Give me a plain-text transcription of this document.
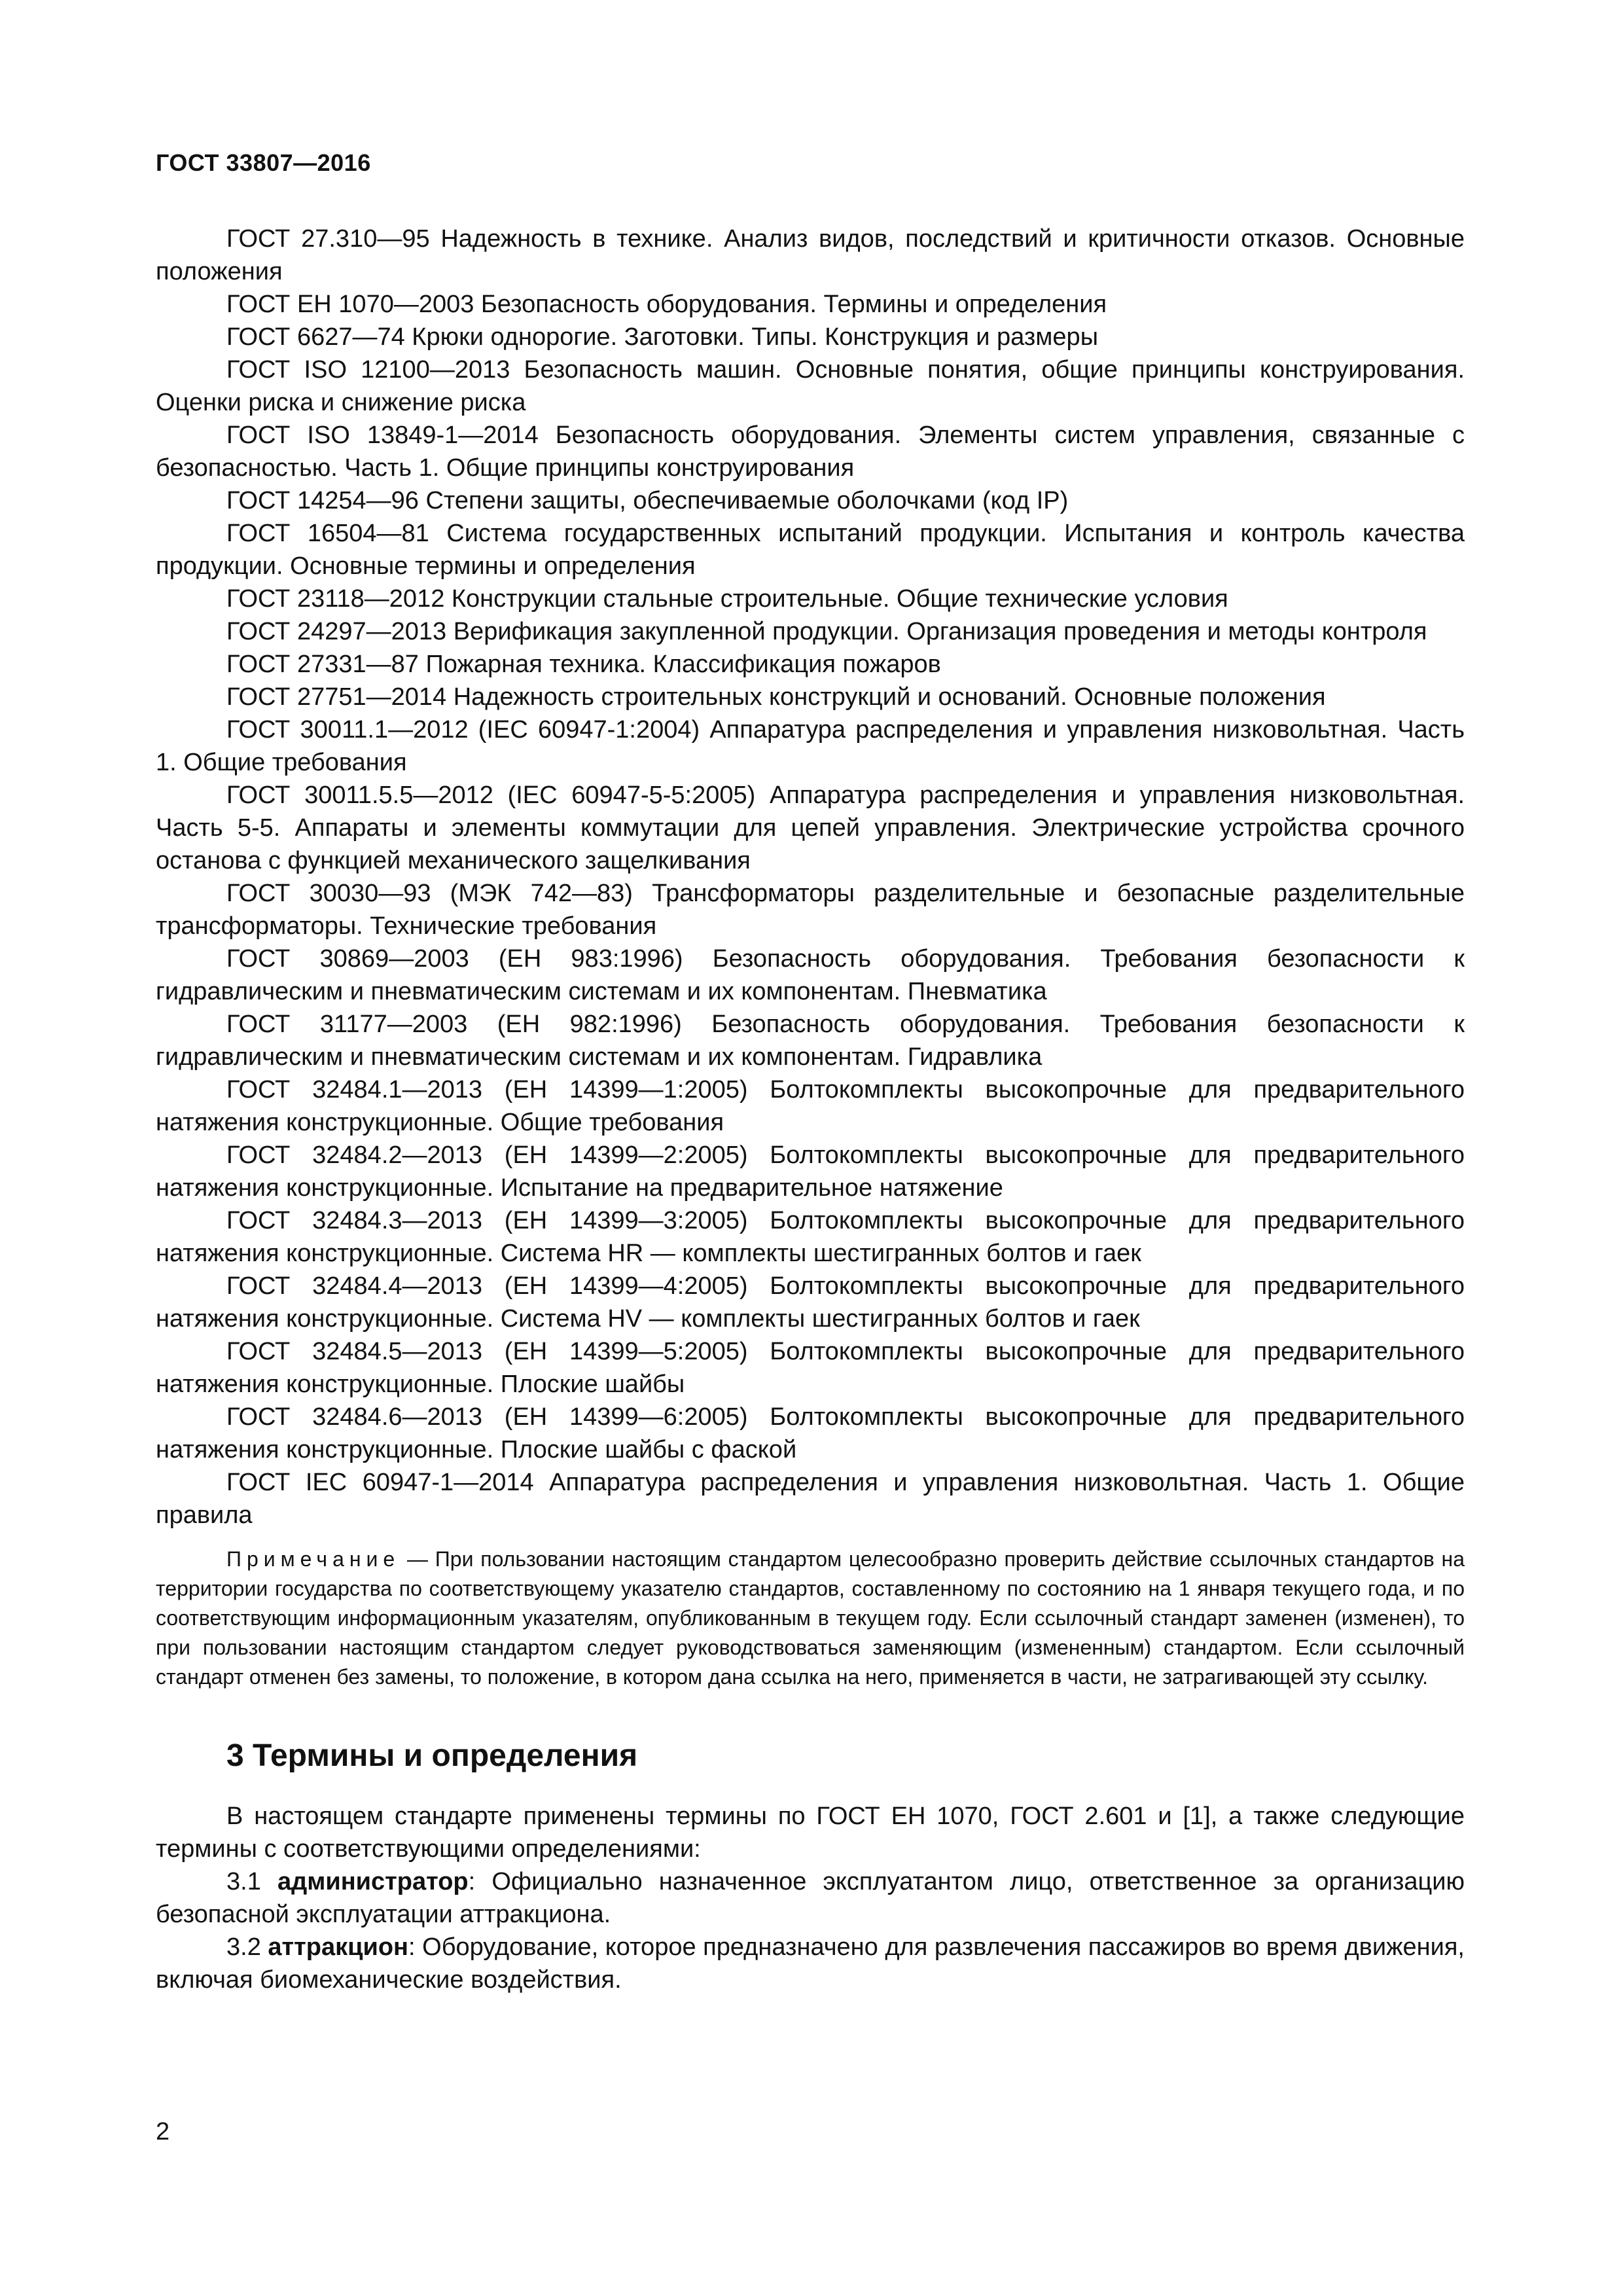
ГОСТ 33807—2016
ГОСТ 27.310—95 Надежность в технике. Анализ видов, последствий и критичности отказов. Основные положения
ГОСТ ЕН 1070—2003 Безопасность оборудования. Термины и определения
ГОСТ 6627—74 Крюки однорогие. Заготовки. Типы. Конструкция и размеры
ГОСТ ISO 12100—2013 Безопасность машин. Основные понятия, общие принципы конструирования. Оценки риска и снижение риска
ГОСТ ISO 13849-1—2014 Безопасность оборудования. Элементы систем управления, связанные с безопасностью. Часть 1. Общие принципы конструирования
ГОСТ 14254—96 Степени защиты, обеспечиваемые оболочками (код IP)
ГОСТ 16504—81 Система государственных испытаний продукции. Испытания и контроль качества продукции. Основные термины и определения
ГОСТ 23118—2012 Конструкции стальные строительные. Общие технические условия
ГОСТ 24297—2013 Верификация закупленной продукции. Организация проведения и методы контроля
ГОСТ 27331—87 Пожарная техника. Классификация пожаров
ГОСТ 27751—2014 Надежность строительных конструкций и оснований. Основные положения
ГОСТ 30011.1—2012 (IEC 60947-1:2004) Аппаратура распределения и управления низковольтная. Часть 1. Общие требования
ГОСТ 30011.5.5—2012 (IEC 60947-5-5:2005) Аппаратура распределения и управления низковольтная. Часть 5-5. Аппараты и элементы коммутации для цепей управления. Электрические устройства срочного останова с функцией механического защелкивания
ГОСТ 30030—93 (МЭК 742—83) Трансформаторы разделительные и безопасные разделительные трансформаторы. Технические требования
ГОСТ 30869—2003 (ЕН 983:1996) Безопасность оборудования. Требования безопасности к гидравлическим и пневматическим системам и их компонентам. Пневматика
ГОСТ 31177—2003 (ЕН 982:1996) Безопасность оборудования. Требования безопасности к гидравлическим и пневматическим системам и их компонентам. Гидравлика
ГОСТ 32484.1—2013 (ЕН 14399—1:2005) Болтокомплекты высокопрочные для предварительного натяжения конструкционные. Общие требования
ГОСТ 32484.2—2013 (ЕН 14399—2:2005) Болтокомплекты высокопрочные для предварительного натяжения конструкционные. Испытание на предварительное натяжение
ГОСТ 32484.3—2013 (ЕН 14399—3:2005) Болтокомплекты высокопрочные для предварительного натяжения конструкционные. Система HR — комплекты шестигранных болтов и гаек
ГОСТ 32484.4—2013 (ЕН 14399—4:2005) Болтокомплекты высокопрочные для предварительного натяжения конструкционные. Система HV — комплекты шестигранных болтов и гаек
ГОСТ 32484.5—2013 (ЕН 14399—5:2005) Болтокомплекты высокопрочные для предварительного натяжения конструкционные. Плоские шайбы
ГОСТ 32484.6—2013 (ЕН 14399—6:2005) Болтокомплекты высокопрочные для предварительного натяжения конструкционные. Плоские шайбы с фаской
ГОСТ IEC 60947-1—2014 Аппаратура распределения и управления низковольтная. Часть 1. Общие правила

Примечание — При пользовании настоящим стандартом целесообразно проверить действие ссылочных стандартов на территории государства по соответствующему указателю стандартов, составленному по состоянию на 1 января текущего года, и по соответствующим информационным указателям, опубликованным в текущем году. Если ссылочный стандарт заменен (изменен), то при пользовании настоящим стандартом следует руководствоваться заменяющим (измененным) стандартом. Если ссылочный стандарт отменен без замены, то положение, в котором дана ссылка на него, применяется в части, не затрагивающей эту ссылку.

3 Термины и определения

В настоящем стандарте применены термины по ГОСТ ЕН 1070, ГОСТ 2.601 и [1], а также следующие термины с соответствующими определениями:

3.1 администратор: Официально назначенное эксплуатантом лицо, ответственное за организацию безопасной эксплуатации аттракциона.

3.2 аттракцион: Оборудование, которое предназначено для развлечения пассажиров во время движения, включая биомеханические воздействия.

2
